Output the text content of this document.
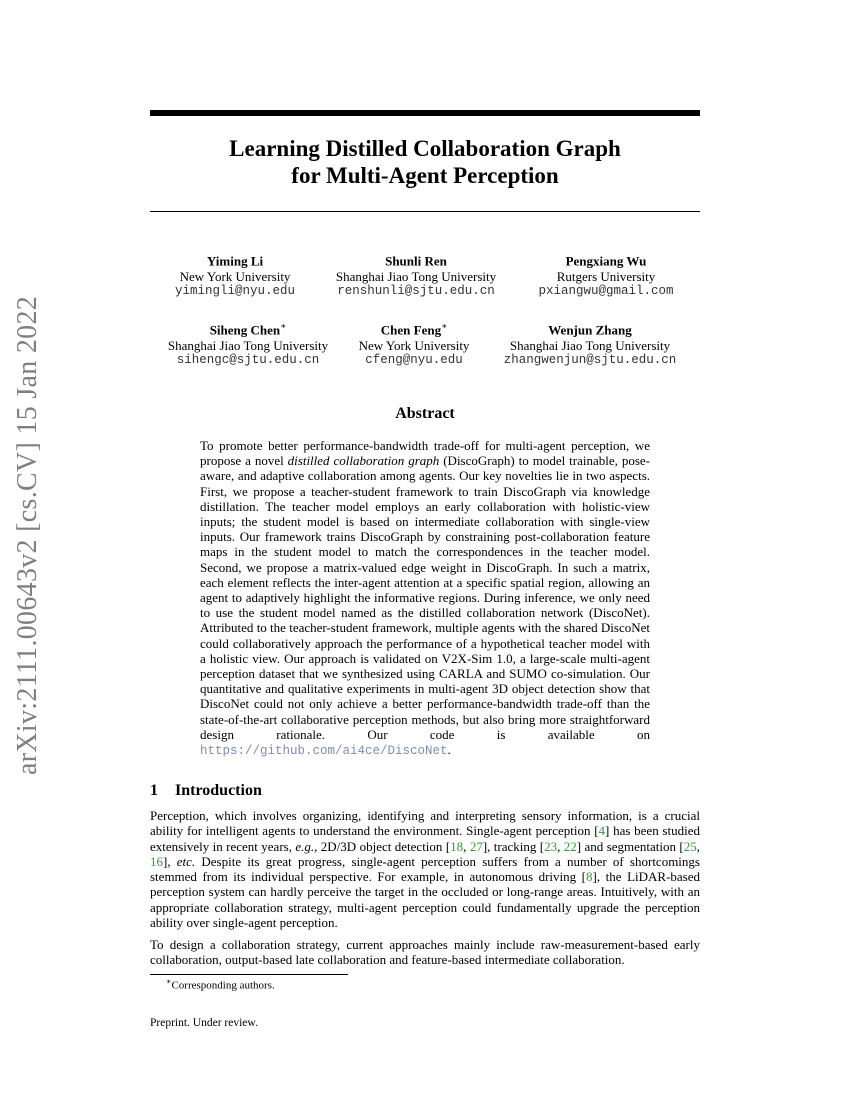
arXiv:2111.00643v2 [cs.CV] 15 Jan 2022
Learning Distilled Collaboration Graph
for Multi-Agent Perception
Yiming Li
New York University
yimingli@nyu.edu
Shunli Ren
Shanghai Jiao Tong University
renshunli@sjtu.edu.cn
Pengxiang Wu
Rutgers University
pxiangwu@gmail.com
Siheng Chen∗
Shanghai Jiao Tong University
sihengc@sjtu.edu.cn
Chen Feng∗
New York University
cfeng@nyu.edu
Wenjun Zhang
Shanghai Jiao Tong University
zhangwenjun@sjtu.edu.cn
Abstract
To promote better performance-bandwidth trade-off for multi-agent perception, we propose a novel distilled collaboration graph (DiscoGraph) to model trainable, pose-aware, and adaptive collaboration among agents. Our key novelties lie in two aspects. First, we propose a teacher-student framework to train DiscoGraph via knowledge distillation. The teacher model employs an early collaboration with holistic-view inputs; the student model is based on intermediate collaboration with single-view inputs. Our framework trains DiscoGraph by constraining post-collaboration feature maps in the student model to match the correspondences in the teacher model. Second, we propose a matrix-valued edge weight in DiscoGraph. In such a matrix, each element reflects the inter-agent attention at a specific spatial region, allowing an agent to adaptively highlight the informative regions. During inference, we only need to use the student model named as the distilled collaboration network (DiscoNet). Attributed to the teacher-student framework, multiple agents with the shared DiscoNet could collaboratively approach the performance of a hypothetical teacher model with a holistic view. Our approach is validated on V2X-Sim 1.0, a large-scale multi-agent perception dataset that we synthesized using CARLA and SUMO co-simulation. Our quantitative and qualitative experiments in multi-agent 3D object detection show that DiscoNet could not only achieve a better performance-bandwidth trade-off than the state-of-the-art collaborative perception methods, but also bring more straightforward design rationale. Our code is available on https://github.com/ai4ce/DiscoNet.
1 Introduction
Perception, which involves organizing, identifying and interpreting sensory information, is a crucial ability for intelligent agents to understand the environment. Single-agent perception [4] has been studied extensively in recent years, e.g., 2D/3D object detection [18, 27], tracking [23, 22] and segmentation [25, 16], etc. Despite its great progress, single-agent perception suffers from a number of shortcomings stemmed from its individual perspective. For example, in autonomous driving [8], the LiDAR-based perception system can hardly perceive the target in the occluded or long-range areas. Intuitively, with an appropriate collaboration strategy, multi-agent perception could fundamentally upgrade the perception ability over single-agent perception.
To design a collaboration strategy, current approaches mainly include raw-measurement-based early collaboration, output-based late collaboration and feature-based intermediate collaboration.
∗Corresponding authors.
Preprint. Under review.
